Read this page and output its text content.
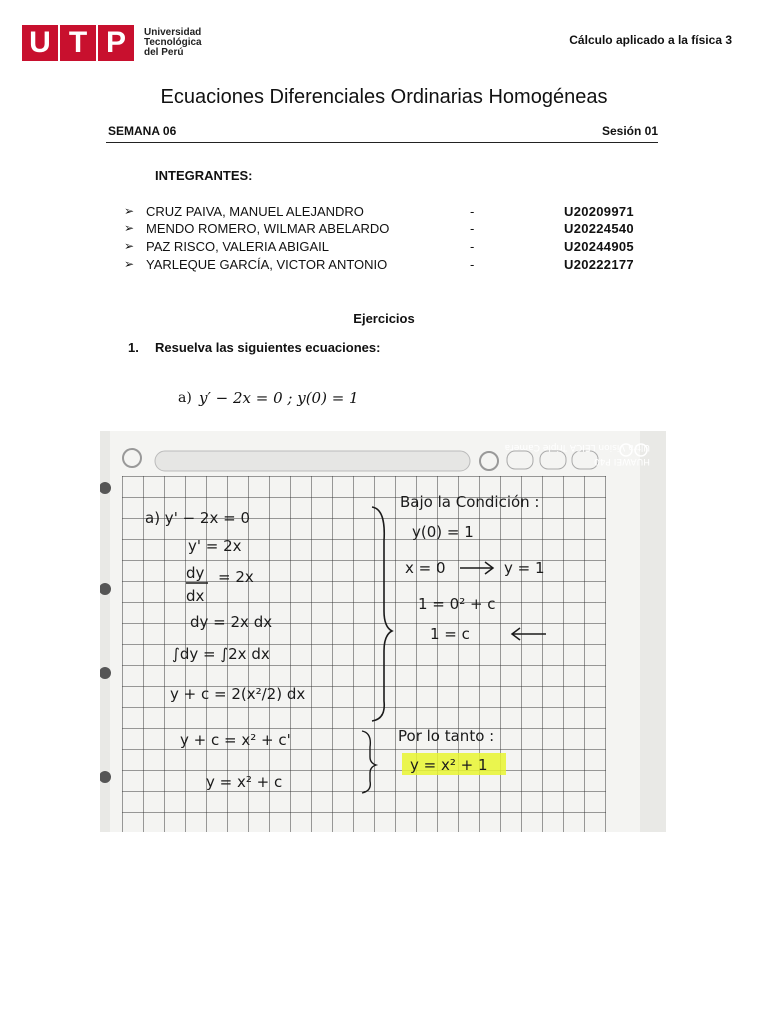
U T P	Universidad
Tecnológica
del Perú
Cálculo aplicado a la física 3
Ecuaciones Diferenciales Ordinarias Homogéneas
SEMANA 06	Sesión 01
INTEGRANTES:
➢ CRUZ PAIVA, MANUEL ALEJANDRO	-	U20209971
➢ MENDO ROMERO, WILMAR ABELARDO	-	U20224540
➢ PAZ RISCO, VALERIA ABIGAIL	-	U20244905
➢ YARLEQUE GARCÍA, VICTOR ANTONIO	-	U20222177
Ejercicios
1. Resuelva las siguientes ecuaciones:
a) y′ − 2x = 0 ; y(0) = 1
Ultra Vision LEICA Triple Camera
HUAWEI P40
a) y' − 2x = 0
y' = 2x
dy
dx
= 2x
dy = 2x dx
∫dy = ∫2x dx
y + c = 2(x²/2) dx
y + c = x² + c'
y = x² + c
Bajo la Condición :
y(0) = 1
x = 0	y = 1
1 = 0² + c
1 = c
Por lo tanto :
y = x² + 1
